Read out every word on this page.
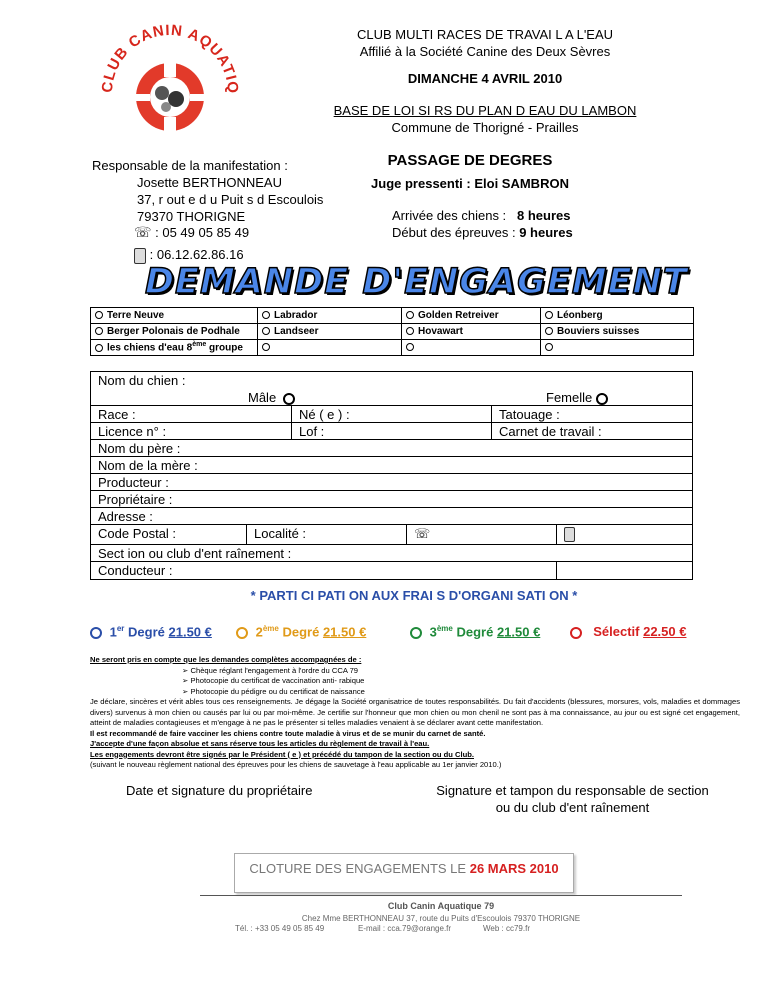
CLUB CANIN AQUATIQ
CLUB MULTI RACES DE TRAVAI L A L'EAU
Affilié à la Société Canine des Deux Sèvres
DIMANCHE 4 AVRIL 2010
BASE DE LOI SI RS DU PLAN D EAU DU LAMBON
Commune de Thorigné - Prailles
Responsable de la manifestation :
Josette BERTHONNEAU
37, r out e d u Puit s d Escoulois
79370 THORIGNE
☏ : 05 49 05 85 49
: 06.12.62.86.16
PASSAGE DE DEGRES
Juge pressenti : Eloi SAMBRON
Arrivée des chiens : 8 heures
Début des épreuves : 9 heures
DEMANDE D'ENGAGEMENT
Terre Neuve	Labrador	Golden Retreiver	Léonberg
Berger Polonais de Podhale	Landseer	Hovawart	Bouviers suisses
les chiens d'eau 8ème groupe			
Nom du chien :
Mâle	Femelle
Race :	Né ( e ) :	Tatouage :
Licence n° :	Lof :	Carnet de travail :
Nom du père :
Nom de la mère :
Producteur :
Propriétaire :
Adresse :
Code Postal :	Localité :	☏
Sect ion ou club d'ent raînement :
Conducteur :
* PARTI CI PATI ON AUX FRAI S D'ORGANI SATI ON *
1er Degré 21.50 €	2ème Degré 21.50 €	3ème Degré 21.50 €	Sélectif 22.50 €
Ne seront pris en compte que les demandes complètes accompagnées de :
➢ Chèque réglant l'engagement à l'ordre du CCA 79
➢ Photocopie du certificat de vaccination anti- rabique
➢ Photocopie du pédigre ou du certificat de naissance
Je déclare, sincères et vérit ables tous ces renseignements. Je dégage la Société organisatrice de toutes responsabilités. Du fait d'accidents (blessures, morsures, vols, maladies et dommages divers) survenus à mon chien ou causés par lui ou par moi-même. Je certifie sur l'honneur que mon chien ou mon chenil ne sont pas à ma connaissance, au jour ou est signé cet engagement, atteint de maladies contagieuses et m'engage à ne pas le présenter si telles maladies venaient à se déclarer avant cette manifestation.
Il est recommandé de faire vacciner les chiens contre toute maladie à virus et de se munir du carnet de santé.
J'accepte d'une façon absolue et sans réserve tous les articles du règlement de travail à l'eau.
Les engagements devront être signés par le Président ( e ) et précédé du tampon de la section ou du Club.
(suivant le nouveau règlement national des épreuves pour les chiens de sauvetage à l'eau applicable au 1er janvier 2010.)
Date et signature du propriétaire	Signature et tampon du responsable de section
ou du club d'ent raînement
CLOTURE DES ENGAGEMENTS LE 26 MARS 2010
Club Canin Aquatique 79
Chez Mme BERTHONNEAU 37, route du Puits d'Escoulois 79370 THORIGNE
Tél. : +33 05 49 05 85 49	E-mail : cca.79@orange.fr	Web : cc79.fr
